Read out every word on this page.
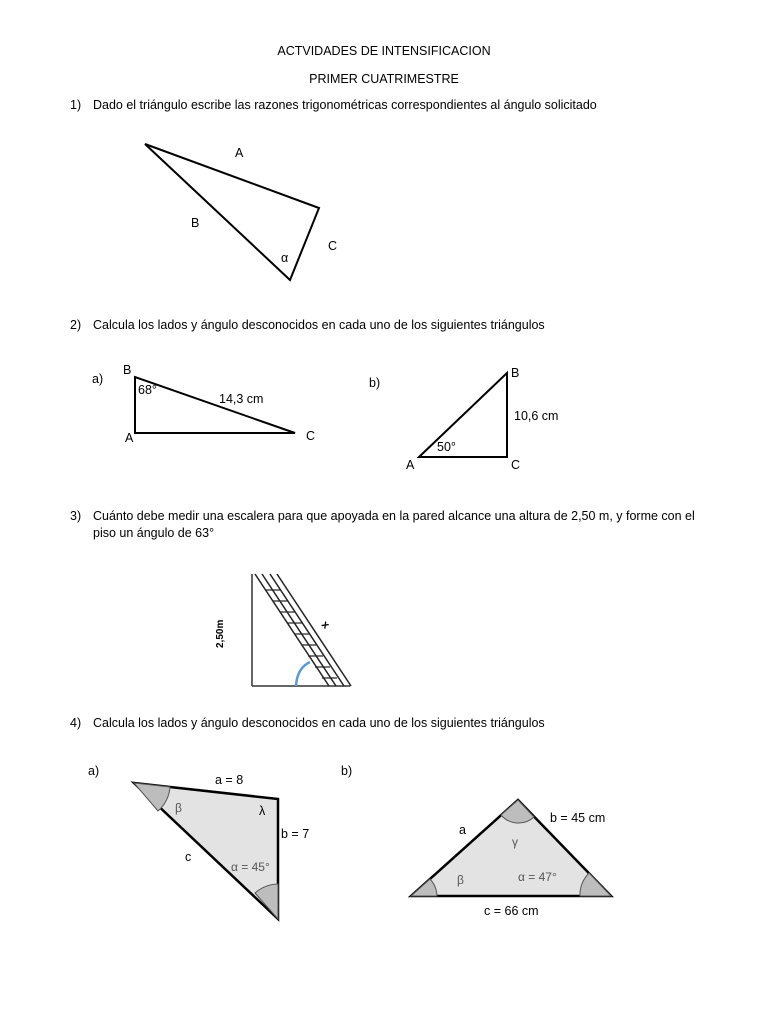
ACTVIDADES DE INTENSIFICACION
PRIMER CUATRIMESTRE
1) Dado el triángulo escribe las razones trigonométricas correspondientes al ángulo solicitado
2) Calcula los lados y ángulo desconocidos en cada uno de los siguientes triángulos
3) Cuánto debe medir una escalera para que apoyada en la pared alcance una altura de 2,50 m, y forme con el piso un ángulo de 63°
4) Calcula los lados y ángulo desconocidos en cada uno de los siguientes triángulos
A
B
C
α
a)
B
68°
14,3 cm
A	C
b)
B
10,6 cm
50°
A	C
2,50m	x
a)
a = 8
b = 7
c
β	λ
α = 45°
b)
a
b = 45 cm
c = 66 cm
γ
β	α = 47°
